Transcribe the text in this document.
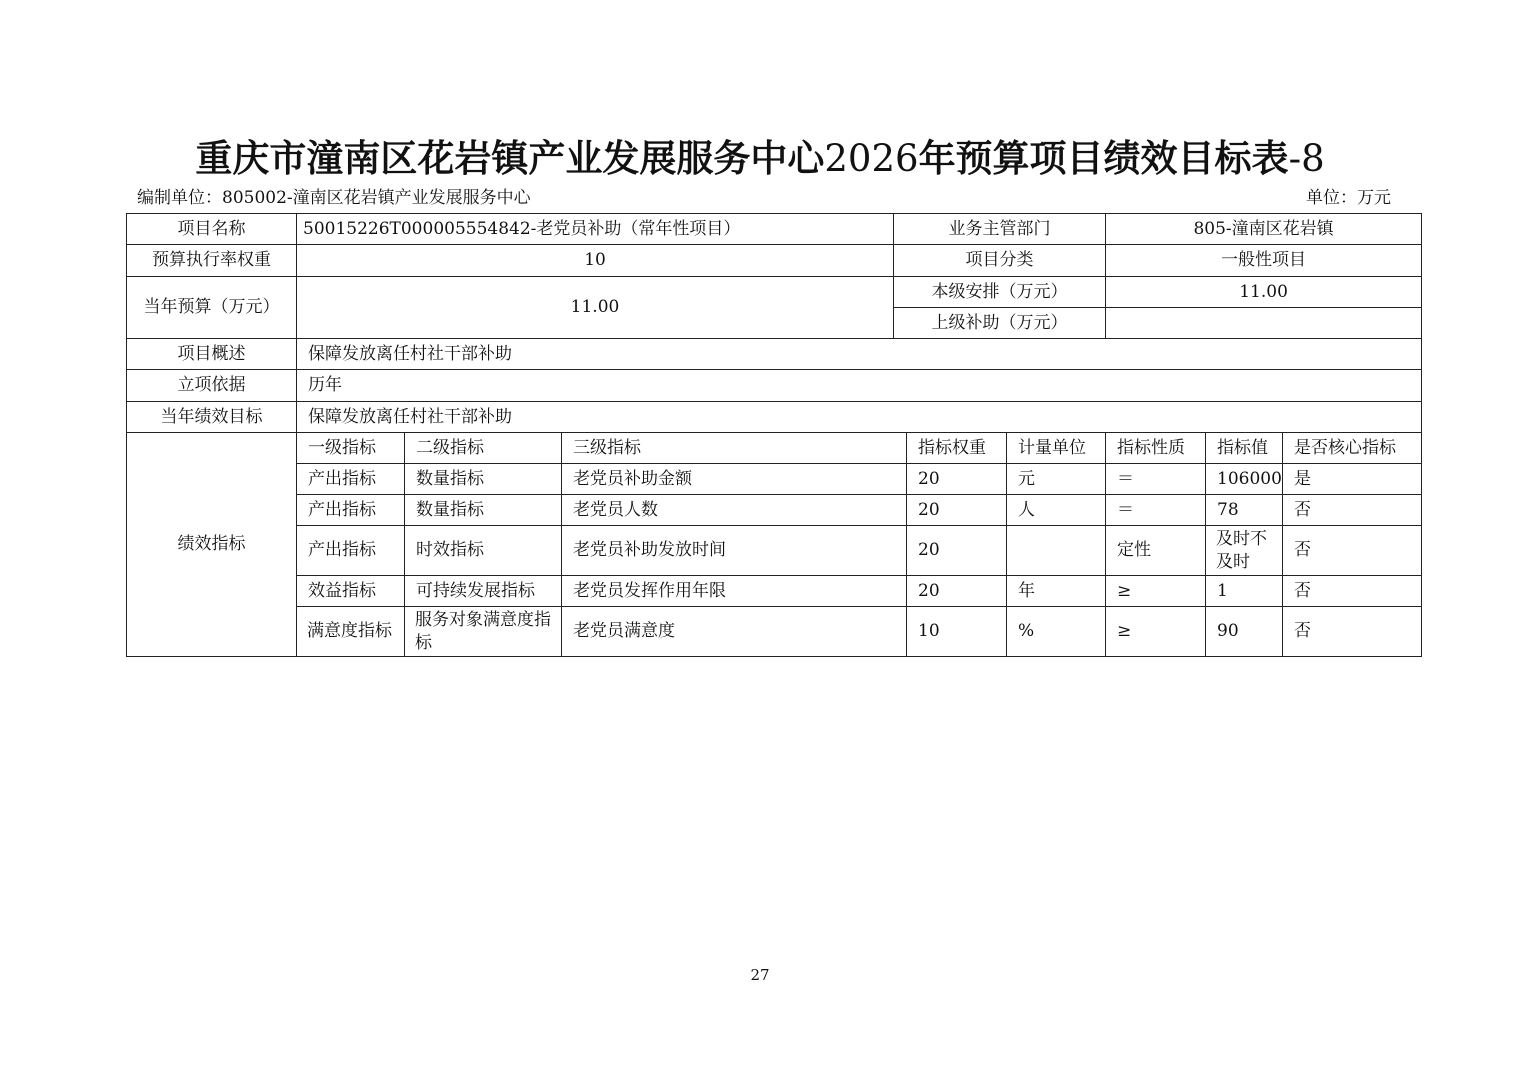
重庆市潼南区花岩镇产业发展服务中心2026年预算项目绩效目标表-8
编制单位：805002-潼南区花岩镇产业发展服务中心	单位：万元
项目名称	50015226T000005554842-老党员补助（常年性项目）			业务主管部门			805-潼南区花岩镇		
预算执行率权重	10			项目分类			一般性项目		
当年预算（万元）	11.00			本级安排（万元）			11.00		
				上级补助（万元）					
项目概述	保障发放离任村社干部补助								
立项依据	历年								
当年绩效目标	保障发放离任村社干部补助								
绩效指标	一级指标	二级指标	三级指标		指标权重	计量单位	指标性质	指标值	是否核心指标
	产出指标	数量指标	老党员补助金额		20	元	＝	106000	是
	产出指标	数量指标	老党员人数		20	人	＝	78	否
	产出指标	时效指标	老党员补助发放时间		20		定性	及时不及时	否
	效益指标	可持续发展指标	老党员发挥作用年限		20	年	≥	1	否
	满意度指标	服务对象满意度指标	老党员满意度		10	%	≥	90	否
27
